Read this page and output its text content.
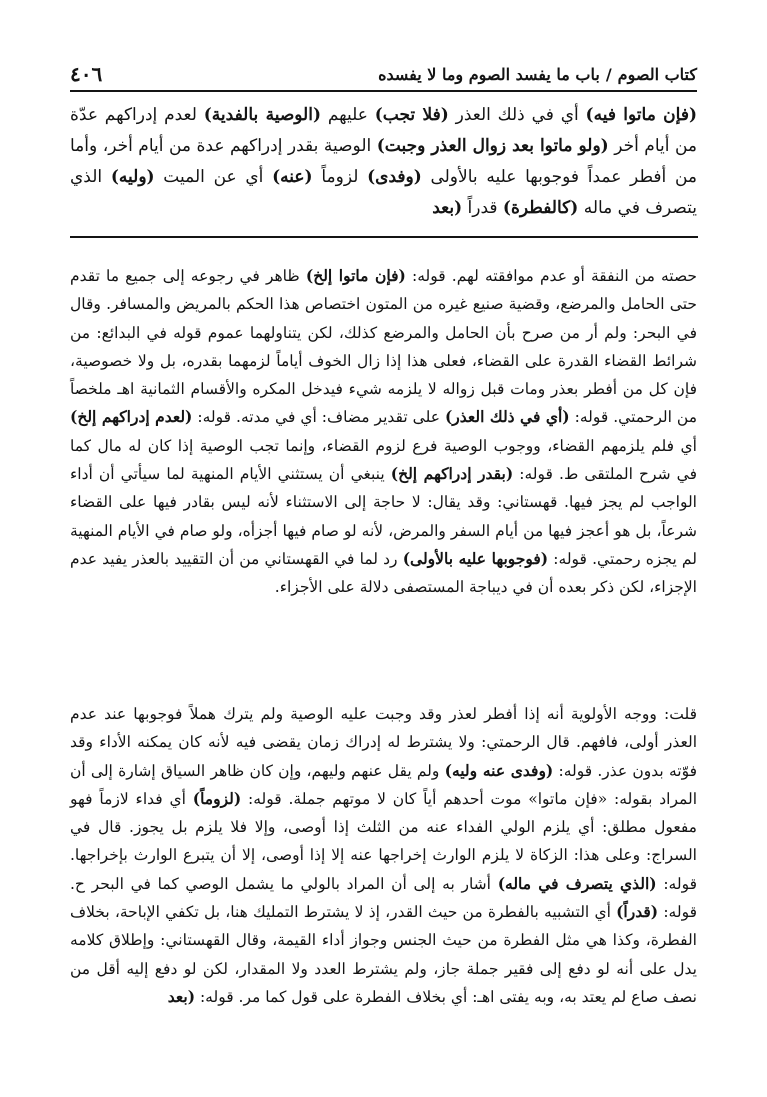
كتاب الصوم/باب ما يفسد الصوم وما لا يفسده
٤٠٦

(فإن ماتوا فيه) أي في ذلك العذر (فلا تجب) عليهم (الوصية بالفدية) لعدم إدراكهم عدّة من أيام أخر (ولو ماتوا بعد زوال العذر وجبت) الوصية بقدر إدراكهم عدة من أيام أخر، وأما من أفطر عمداً فوجوبها عليه بالأولى (وفدى) لزوماً (عنه) أي عن الميت (وليه) الذي يتصرف في ماله (كالفطرة) قدراً (بعد

حصته من النفقة أو عدم موافقته لهم. قوله: (فإن ماتوا إلخ) ظاهر في رجوعه إلى جميع ما تقدم حتى الحامل والمرضع، وقضية صنيع غيره من المتون اختصاص هذا الحكم بالمريض والمسافر. وقال في البحر: ولم أر من صرح بأن الحامل والمرضع كذلك، لكن يتناولهما عموم قوله في البدائع: من شرائط القضاء القدرة على القضاء، فعلى هذا إذا زال الخوف أياماً لزمهما بقدره، بل ولا خصوصية، فإن كل من أفطر بعذر ومات قبل زواله لا يلزمه شيء فيدخل المكره والأقسام الثمانية اهـ ملخصاً من الرحمتي. قوله: (أي في ذلك العذر) على تقدير مضاف: أي في مدته. قوله: (لعدم إدراكهم إلخ) أي فلم يلزمهم القضاء، ووجوب الوصية فرع لزوم القضاء، وإنما تجب الوصية إذا كان له مال كما في شرح الملتقى ط. قوله: (بقدر إدراكهم إلخ) ينبغي أن يستثني الأيام المنهية لما سيأتي أن أداء الواجب لم يجز فيها. قهستاني: وقد يقال: لا حاجة إلى الاستثناء لأنه ليس بقادر فيها على القضاء شرعاً، بل هو أعجز فيها من أيام السفر والمرض، لأنه لو صام فيها أجزأه، ولو صام في الأيام المنهية لم يجزه رحمتي. قوله: (فوجوبها عليه بالأولى) رد لما في القهستاني من أن التقييد بالعذر يفيد عدم الإجزاء، لكن ذكر بعده أن في ديباجة المستصفى دلالة على الأجزاء.

قلت: ووجه الأولوية أنه إذا أفطر لعذر وقد وجبت عليه الوصية ولم يترك هملاً فوجوبها عند عدم العذر أولى، فافهم. قال الرحمتي: ولا يشترط له إدراك زمان يقضى فيه لأنه كان يمكنه الأداء وقد فوّته بدون عذر. قوله: (وفدى عنه وليه) ولم يقل عنهم وليهم، وإن كان ظاهر السياق إشارة إلى أن المراد بقوله: «فإن ماتوا» موت أحدهم أياً كان لا موتهم جملة. قوله: (لزوماً) أي فداء لازماً فهو مفعول مطلق: أي يلزم الولي الفداء عنه من الثلث إذا أوصى، وإلا فلا يلزم بل يجوز. قال في السراج: وعلى هذا: الزكاة لا يلزم الوارث إخراجها عنه إلا إذا أوصى، إلا أن يتبرع الوارث بإخراجها. قوله: (الذي يتصرف في ماله) أشار به إلى أن المراد بالولي ما يشمل الوصي كما في البحر ح. قوله: (قدراً) أي التشبيه بالفطرة من حيث القدر، إذ لا يشترط التمليك هنا، بل تكفي الإباحة، بخلاف الفطرة، وكذا هي مثل الفطرة من حيث الجنس وجواز أداء القيمة، وقال القهستاني: وإطلاق كلامه يدل على أنه لو دفع إلى فقير جملة جاز، ولم يشترط العدد ولا المقدار، لكن لو دفع إليه أقل من نصف صاع لم يعتد به، وبه يفتى اهـ: أي بخلاف الفطرة على قول كما مر. قوله: (بعد
